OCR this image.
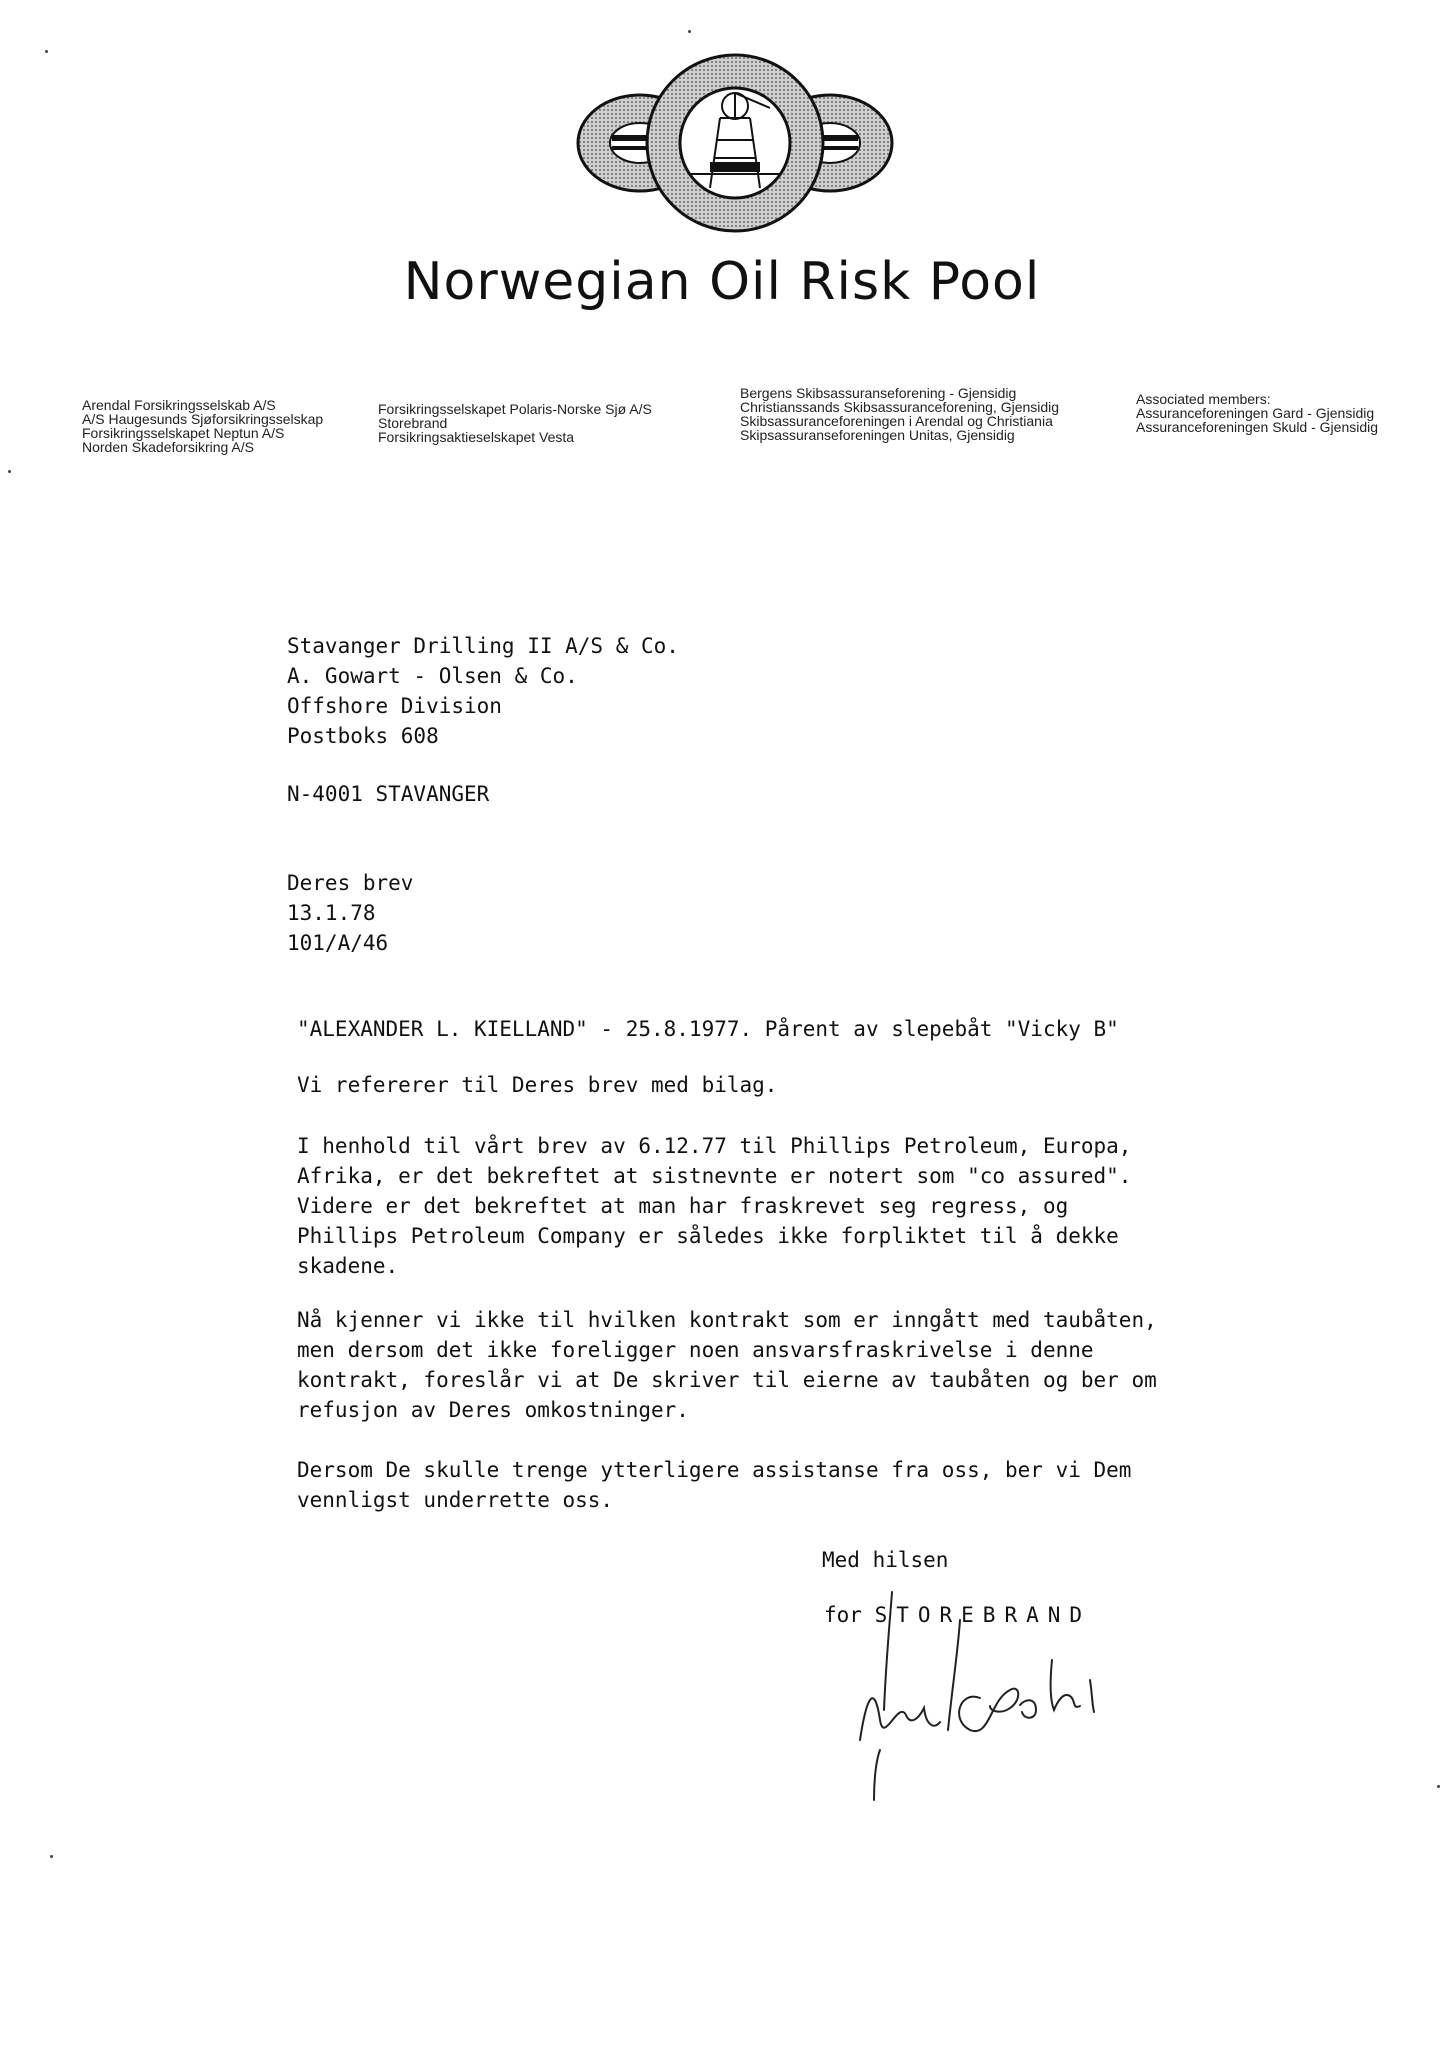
Norwegian Oil Risk Pool
Arendal Forsikringsselskab A/S
A/S Haugesunds Sjøforsikringsselskap
Forsikringsselskapet Neptun A/S
Norden Skadeforsikring A/S
Forsikringsselskapet Polaris-Norske Sjø A/S
Storebrand
Forsikringsaktieselskapet Vesta
Bergens Skibsassuranseforening - Gjensidig
Christianssands Skibsassuranceforening, Gjensidig
Skibsassuranceforeningen i Arendal og Christiania
Skipsassuranseforeningen Unitas, Gjensidig
Associated members:
Assuranceforeningen Gard - Gjensidig
Assuranceforeningen Skuld - Gjensidig
Stavanger Drilling II A/S & Co.
A. Gowart - Olsen & Co.
Offshore Division
Postboks 608
N-4001 STAVANGER
Deres brev
13.1.78
101/A/46
"ALEXANDER L. KIELLAND" - 25.8.1977. Pårent av slepebåt "Vicky B"
Vi refererer til Deres brev med bilag.
I henhold til vårt brev av 6.12.77 til Phillips Petroleum, Europa,
Afrika, er det bekreftet at sistnevnte er notert som "co assured".
Videre er det bekreftet at man har fraskrevet seg regress, og
Phillips Petroleum Company er således ikke forpliktet til å dekke
skadene.
Nå kjenner vi ikke til hvilken kontrakt som er inngått med taubåten,
men dersom det ikke foreligger noen ansvarsfraskrivelse i denne
kontrakt, foreslår vi at De skriver til eierne av taubåten og ber om
refusjon av Deres omkostninger.
Dersom De skulle trenge ytterligere assistanse fra oss, ber vi Dem
vennligst underrette oss.
Med hilsen
for STOREBRAND
